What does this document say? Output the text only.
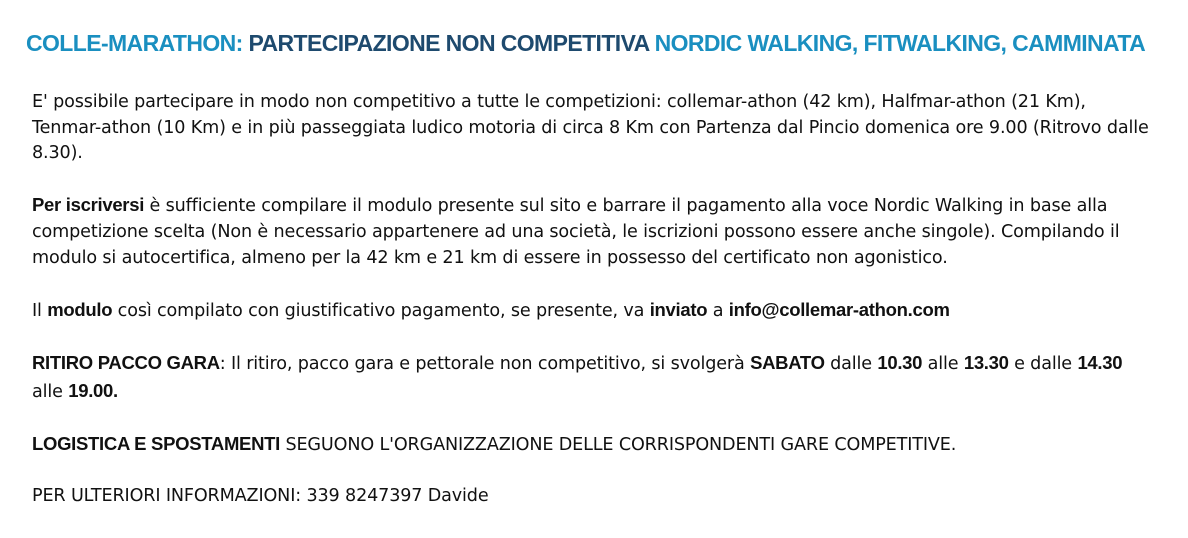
COLLE-MARATHON: PARTECIPAZIONE NON COMPETITIVA NORDIC WALKING, FITWALKING, CAMMINATA

E' possibile partecipare in modo non competitivo a tutte le competizioni: collemar-athon (42 km), Halfmar-athon (21 Km), Tenmar-athon (10 Km) e in più passeggiata ludico motoria di circa 8 Km con Partenza dal Pincio domenica ore 9.00 (Ritrovo dalle 8.30).

Per iscriversi è sufficiente compilare il modulo presente sul sito e barrare il pagamento alla voce Nordic Walking in base alla competizione scelta (Non è necessario appartenere ad una società, le iscrizioni possono essere anche singole). Compilando il modulo si autocertifica, almeno per la 42 km e 21 km di essere in possesso del certificato non agonistico.

Il modulo così compilato con giustificativo pagamento, se presente, va inviato a info@collemar-athon.com

RITIRO PACCO GARA: Il ritiro, pacco gara e pettorale non competitivo, si svolgerà SABATO dalle 10.30 alle 13.30 e dalle 14.30 alle 19.00.

LOGISTICA E SPOSTAMENTI SEGUONO L'ORGANIZZAZIONE DELLE CORRISPONDENTI GARE COMPETITIVE.

PER ULTERIORI INFORMAZIONI: 339 8247397 Davide
